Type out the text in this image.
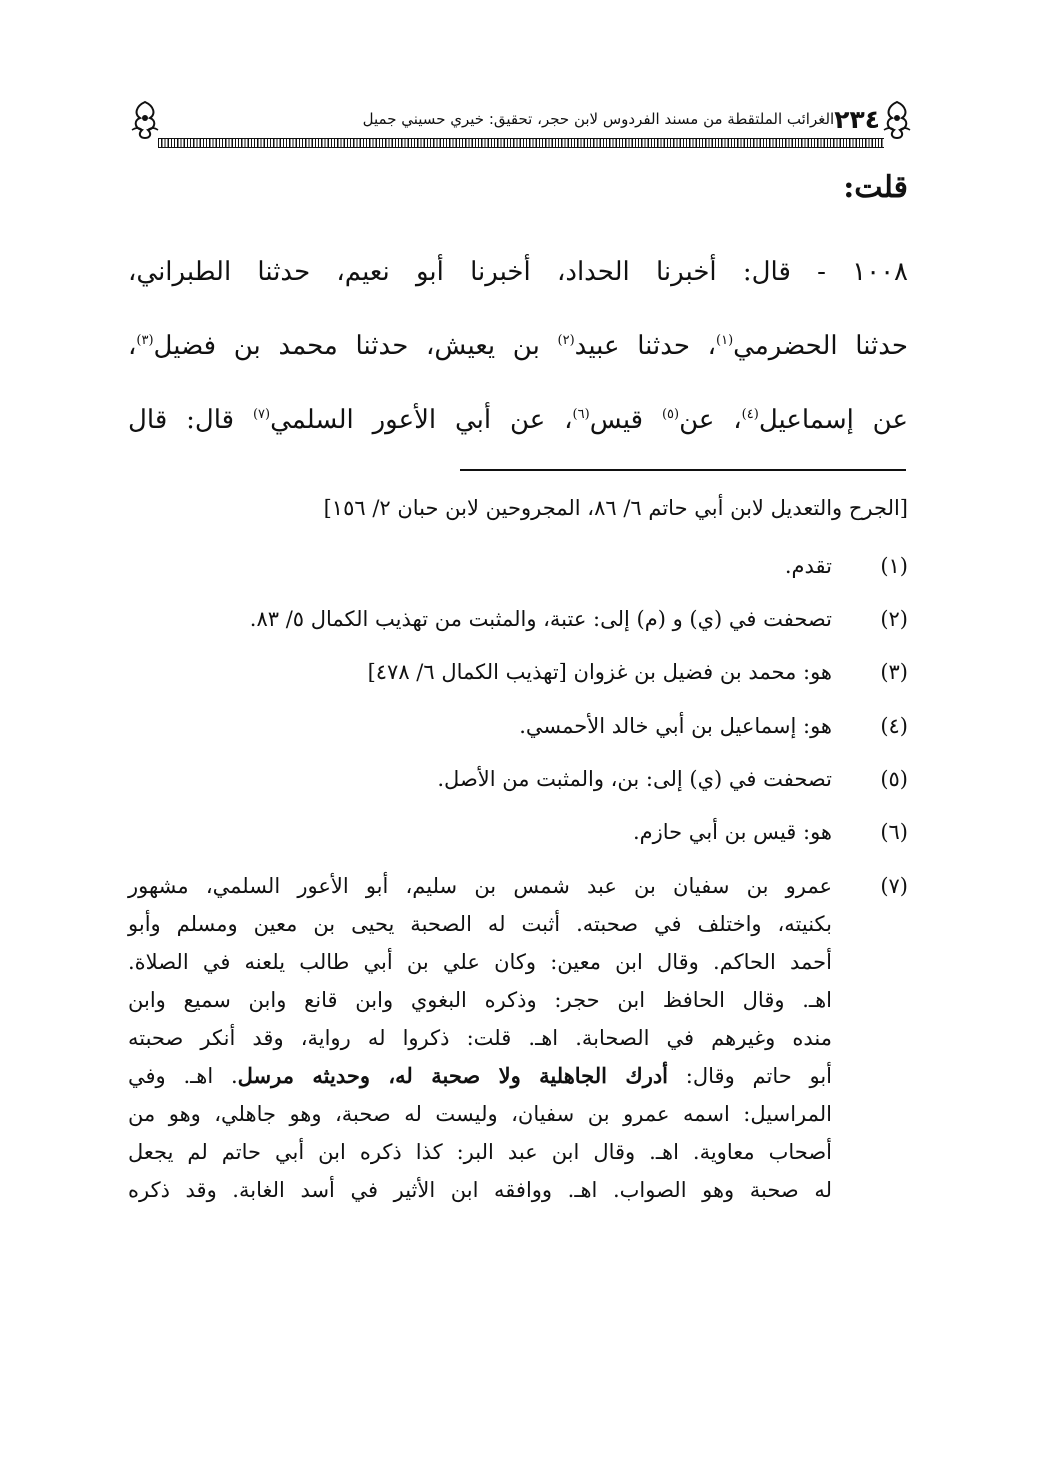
٢٣٤
الغرائب الملتقطة من مسند الفردوس لابن حجر، تحقيق: خيري حسيني جميل
قلت:
١٠٠٨ - قال: أخبرنا الحداد، أخبرنا أبو نعيم، حدثنا الطبراني،
حدثنا الحضرمي$^{(١)}$، حدثنا عبيد$^{(٢)}$ بن يعيش، حدثنا محمد بن فضيل$^{(٣)}$،
عن إسماعيل$^{(٤)}$، عن$^{(٥)}$ قيس$^{(٦)}$، عن أبي الأعور السلمي$^{(٧)}$ قال: قال
[الجرح والتعديل لابن أبي حاتم ٦/ ٨٦، المجروحين لابن حبان ٢/ ١٥٦]
(١)
تقدم.
(٢)
تصحفت في (ي) و (م) إلى: عتبة، والمثبت من تهذيب الكمال ٥/ ٨٣.
(٣)
هو: محمد بن فضيل بن غزوان [تهذيب الكمال ٦/ ٤٧٨]
(٤)
هو: إسماعيل بن أبي خالد الأحمسي.
(٥)
تصحفت في (ي) إلى: بن، والمثبت من الأصل.
(٦)
هو: قيس بن أبي حازم.
(٧)
عمرو بن سفيان بن عبد شمس بن سليم، أبو الأعور السلمي، مشهور
بكنيته، واختلف في صحبته. أثبت له الصحبة يحيى بن معين ومسلم وأبو
أحمد الحاكم. وقال ابن معين: وكان علي بن أبي طالب يلعنه في الصلاة.
اهـ. وقال الحافظ ابن حجر: وذكره البغوي وابن قانع وابن سميع وابن
منده وغيرهم في الصحابة. اهـ. قلت: ذكروا له رواية، وقد أنكر صحبته
أبو حاتم وقال: أدرك الجاهلية ولا صحبة له، وحديثه مرسل. اهـ. وفي
المراسيل: اسمه عمرو بن سفيان، وليست له صحبة، وهو جاهلي، وهو من
أصحاب معاوية. اهـ. وقال ابن عبد البر: كذا ذكره ابن أبي حاتم لم يجعل
له صحبة وهو الصواب. اهـ. ووافقه ابن الأثير في أسد الغابة. وقد ذكره
